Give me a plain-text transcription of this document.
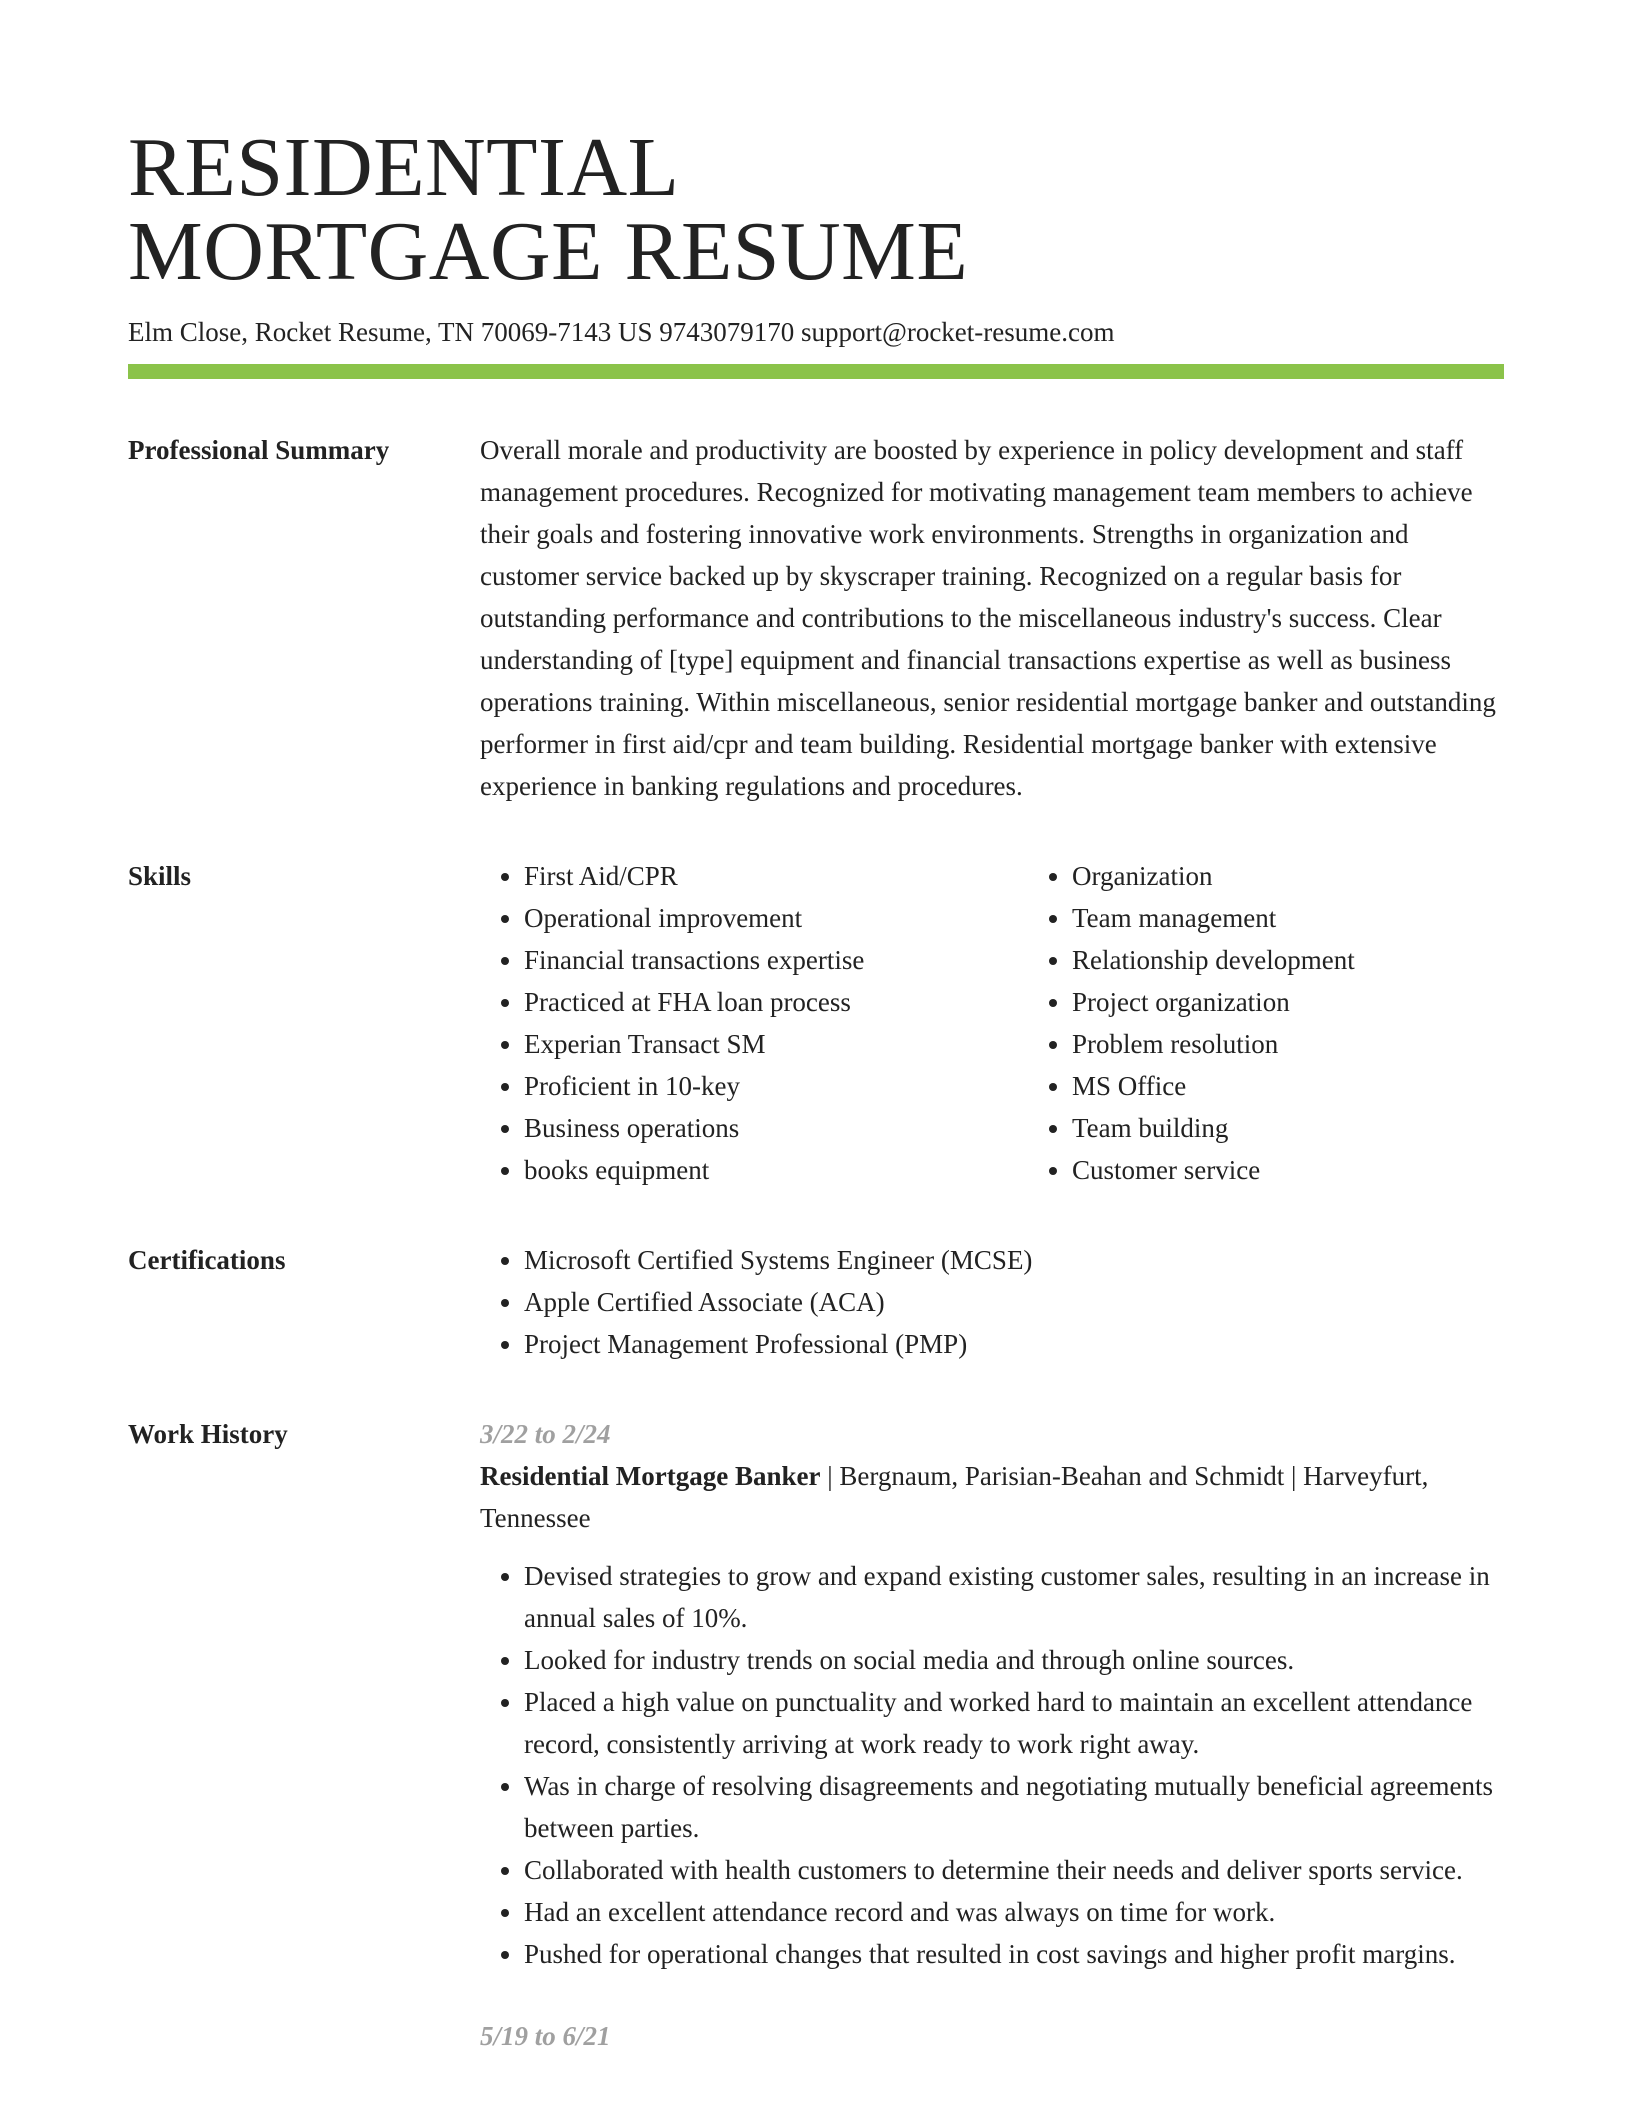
RESIDENTIAL
MORTGAGE RESUME
Elm Close, Rocket Resume, TN 70069-7143 US 9743079170 support@rocket-resume.com
Professional Summary	Overall morale and productivity are boosted by experience in policy development and staff management procedures. Recognized for motivating management team members to achieve their goals and fostering innovative work environments. Strengths in organization and customer service backed up by skyscraper training. Recognized on a regular basis for outstanding performance and contributions to the miscellaneous industry's success. Clear understanding of [type] equipment and financial transactions expertise as well as business operations training. Within miscellaneous, senior residential mortgage banker and outstanding performer in first aid/cpr and team building. Residential mortgage banker with extensive experience in banking regulations and procedures.

Skills	• First Aid/CPR
• Operational improvement
• Financial transactions expertise
• Practiced at FHA loan process
• Experian Transact SM
• Proficient in 10-key
• Business operations
• books equipment
• Organization
• Team management
• Relationship development
• Project organization
• Problem resolution
• MS Office
• Team building
• Customer service
Certifications	• Microsoft Certified Systems Engineer (MCSE)
• Apple Certified Associate (ACA)
• Project Management Professional (PMP)
Work History	3/22 to 2/24
Residential Mortgage Banker | Bergnaum, Parisian-Beahan and Schmidt | Harveyfurt, Tennessee
• Devised strategies to grow and expand existing customer sales, resulting in an increase in annual sales of 10%.
• Looked for industry trends on social media and through online sources.
• Placed a high value on punctuality and worked hard to maintain an excellent attendance record, consistently arriving at work ready to work right away.
• Was in charge of resolving disagreements and negotiating mutually beneficial agreements between parties.
• Collaborated with health customers to determine their needs and deliver sports service.
• Had an excellent attendance record and was always on time for work.
• Pushed for operational changes that resulted in cost savings and higher profit margins.
5/19 to 6/21
